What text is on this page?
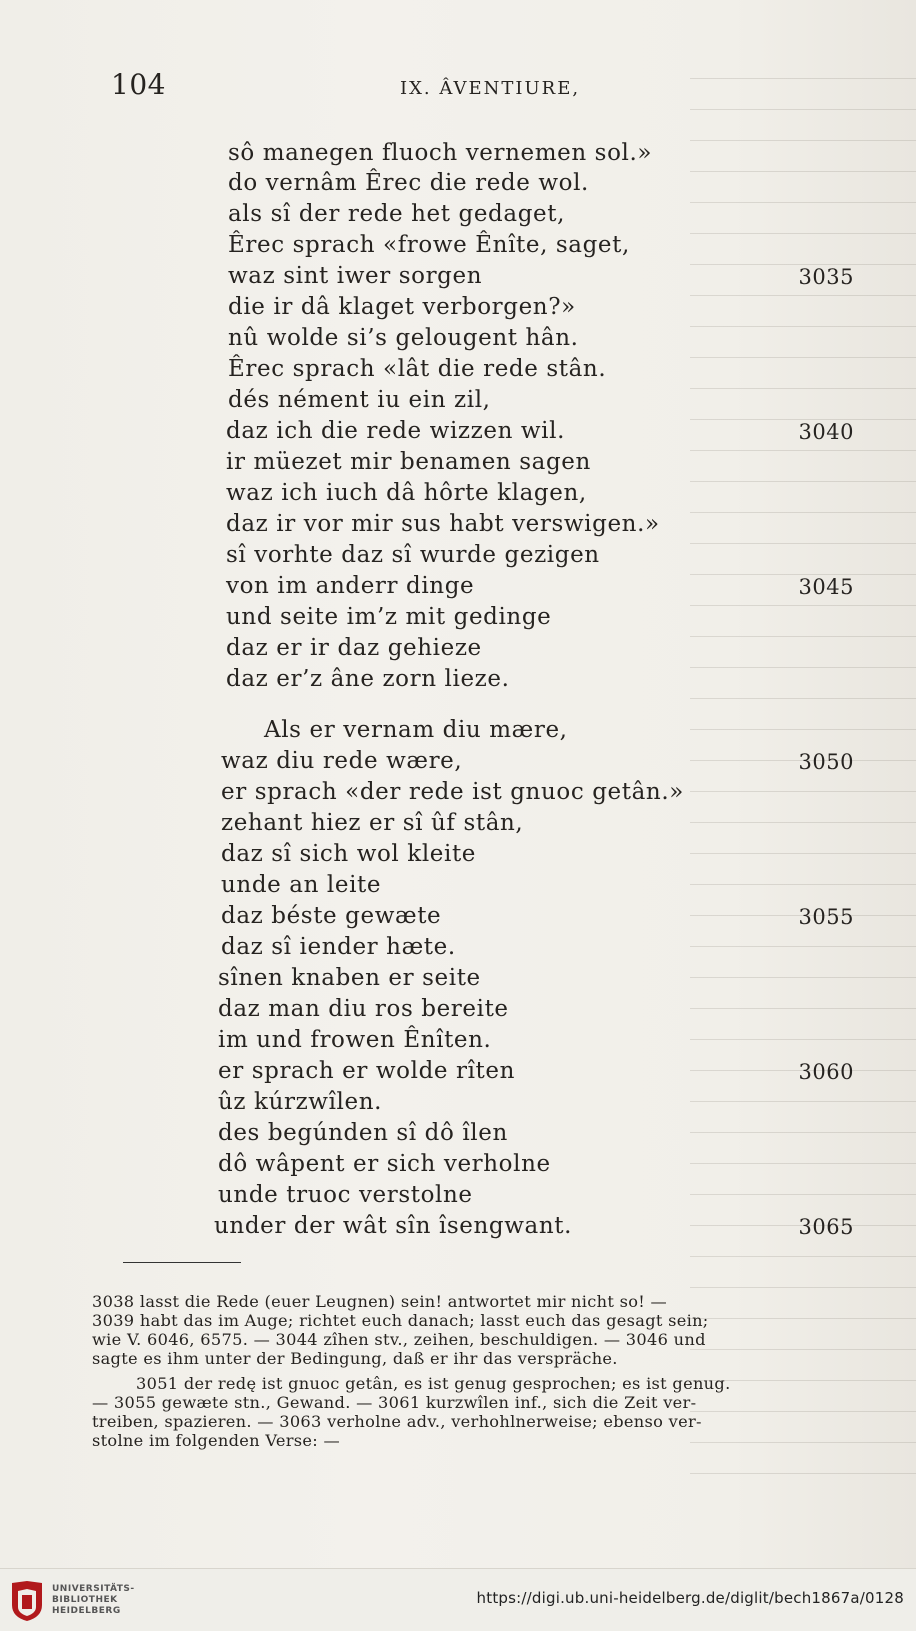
104	IX. ÂVENTIURE,
sô manegen fluoch vernemen sol.»
do vernâm Êrec die rede wol.
als sî der rede het gedaget,
Êrec sprach «frowe Ênîte, saget,
waz sint iwer sorgen	3035
die ir dâ klaget verborgen?»
nû wolde si’s gelougent hân.
Êrec sprach «lât die rede stân.
dés nément iu ein zil,
daz ich die rede wizzen wil.	3040
ir müezet mir benamen sagen
waz ich iuch dâ hôrte klagen,
daz ir vor mir sus habt verswigen.»
sî vorhte daz sî wurde gezigen
von im anderr dinge	3045
und seite im’z mit gedinge
daz er ir daz gehieze
daz er’z âne zorn lieze.
Als er vernam diu mære,
waz diu rede wære,	3050
er sprach «der rede ist gnuoc getân.»
zehant hiez er sî ûf stân,
daz sî sich wol kleite
unde an leite
daz béste gewæte	3055
daz sî iender hæte.
sînen knaben er seite
daz man diu ros bereite
im und frowen Ênîten.
er sprach er wolde rîten	3060
ûz kúrzwîlen.
des begúnden sî dô îlen
dô wâpent er sich verholne
unde truoc verstolne
under der wât sîn îsengwant.	3065
3038 lasst die Rede (euer Leugnen) sein! antwortet mir nicht so! —
3039 habt das im Auge; richtet euch danach; lasst euch das gesagt sein;
wie V. 6046, 6575. — 3044 zîhen stv., zeihen, beschuldigen. — 3046 und
sagte es ihm unter der Bedingung, daß er ihr das verspräche.
3051 der redę ist gnuoc getân, es ist genug gesprochen; es ist genug.
— 3055 gewæte stn., Gewand. — 3061 kurzwîlen inf., sich die Zeit ver-
treiben, spazieren. — 3063 verholne adv., verhohlnerweise; ebenso ver-
stolne im folgenden Verse: —
UNIVERSITÄTS-
BIBLIOTHEK
HEIDELBERG
https://digi.ub.uni-heidelberg.de/diglit/bech1867a/0128
